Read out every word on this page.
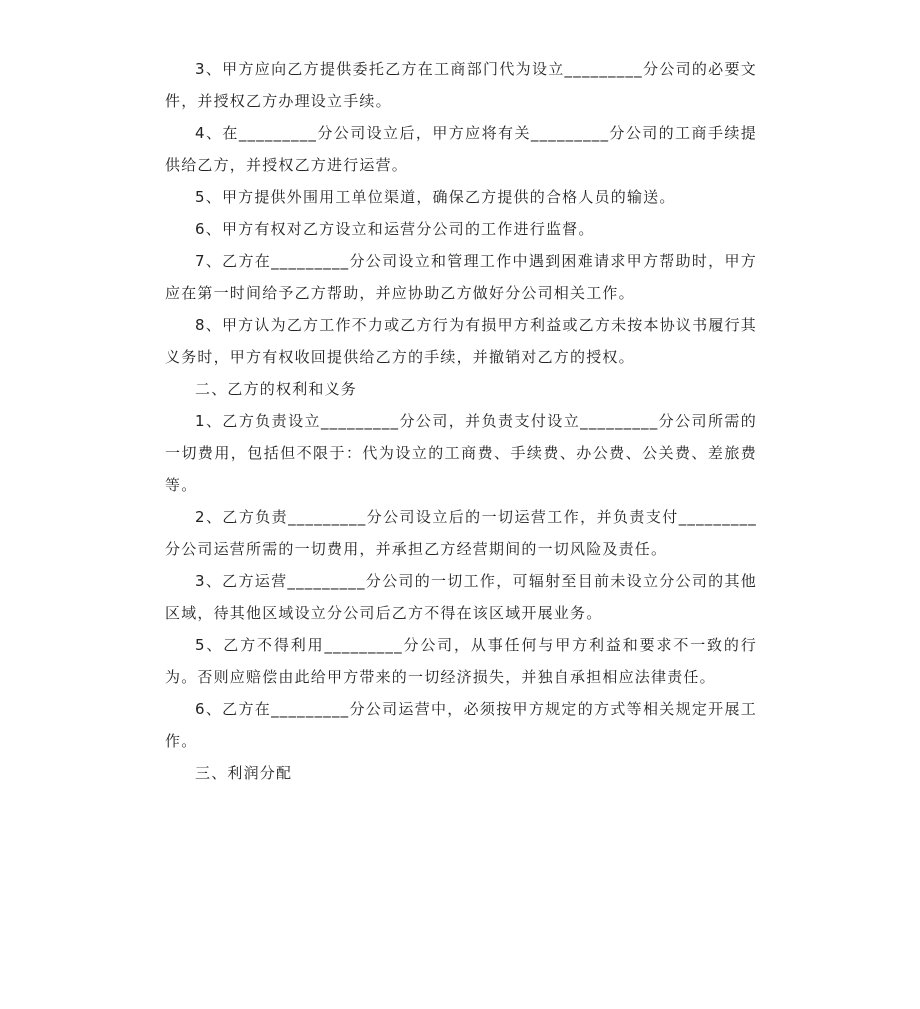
3、甲方应向乙方提供委托乙方在工商部门代为设立_________分公司的必要文件，并授权乙方办理设立手续。

4、在_________分公司设立后，甲方应将有关_________分公司的工商手续提供给乙方，并授权乙方进行运营。

5、甲方提供外围用工单位渠道，确保乙方提供的合格人员的输送。

6、甲方有权对乙方设立和运营分公司的工作进行监督。

7、乙方在_________分公司设立和管理工作中遇到困难请求甲方帮助时，甲方应在第一时间给予乙方帮助，并应协助乙方做好分公司相关工作。

8、甲方认为乙方工作不力或乙方行为有损甲方利益或乙方未按本协议书履行其义务时，甲方有权收回提供给乙方的手续，并撤销对乙方的授权。

二、乙方的权利和义务

1、乙方负责设立_________分公司，并负责支付设立_________分公司所需的一切费用，包括但不限于：代为设立的工商费、手续费、办公费、公关费、差旅费等。

2、乙方负责_________分公司设立后的一切运营工作，并负责支付_________分公司运营所需的一切费用，并承担乙方经营期间的一切风险及责任。

3、乙方运营_________分公司的一切工作，可辐射至目前未设立分公司的其他区域，待其他区域设立分公司后乙方不得在该区域开展业务。

5、乙方不得利用_________分公司，从事任何与甲方利益和要求不一致的行为。否则应赔偿由此给甲方带来的一切经济损失，并独自承担相应法律责任。

6、乙方在_________分公司运营中，必须按甲方规定的方式等相关规定开展工作。

三、利润分配
